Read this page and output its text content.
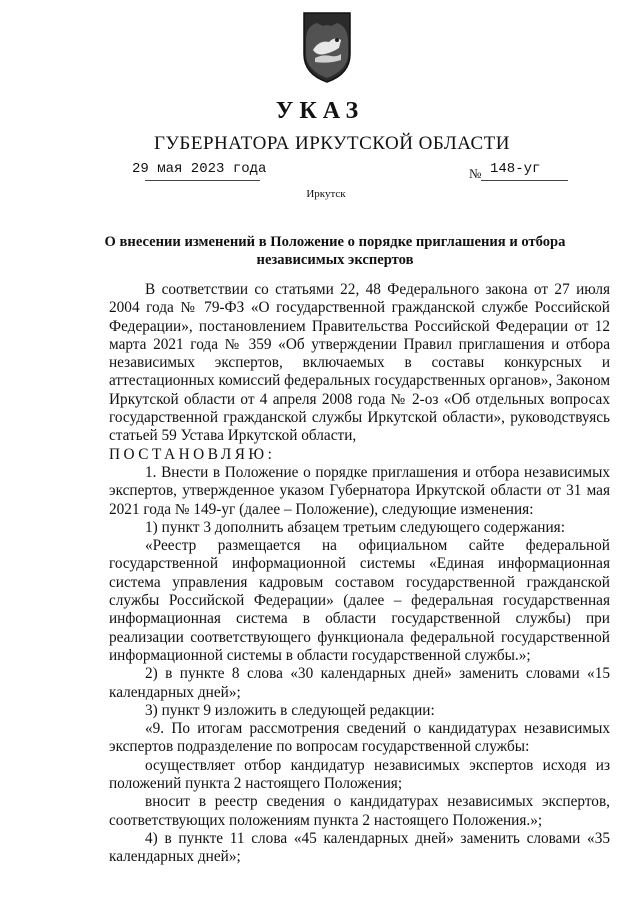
УКАЗ
ГУБЕРНАТОРА ИРКУТСКОЙ ОБЛАСТИ
29 мая 2023 года	№ 148-уг
Иркутск
О внесении изменений в Положение о порядке приглашения и отбора независимых экспертов

В соответствии со статьями 22, 48 Федерального закона от 27 июля 2004 года № 79-ФЗ «О государственной гражданской службе Российской Федерации», постановлением Правительства Российской Федерации от 12 марта 2021 года № 359 «Об утверждении Правил приглашения и отбора независимых экспертов, включаемых в составы конкурсных и аттестационных комиссий федеральных государственных органов», Законом Иркутской области от 4 апреля 2008 года № 2-оз «Об отдельных вопросах государственной гражданской службы Иркутской области», руководствуясь статьей 59 Устава Иркутской области,

ПОСТАНОВЛЯЮ:

1. Внести в Положение о порядке приглашения и отбора независимых экспертов, утвержденное указом Губернатора Иркутской области от 31 мая 2021 года № 149-уг (далее – Положение), следующие изменения:

1) пункт 3 дополнить абзацем третьим следующего содержания:

«Реестр размещается на официальном сайте федеральной государственной информационной системы «Единая информационная система управления кадровым составом государственной гражданской службы Российской Федерации» (далее – федеральная государственная информационная система в области государственной службы) при реализации соответствующего функционала федеральной государственной информационной системы в области государственной службы.»;

2) в пункте 8 слова «30 календарных дней» заменить словами «15 календарных дней»;

3) пункт 9 изложить в следующей редакции:

«9. По итогам рассмотрения сведений о кандидатурах независимых экспертов подразделение по вопросам государственной службы:

осуществляет отбор кандидатур независимых экспертов исходя из положений пункта 2 настоящего Положения;

вносит в реестр сведения о кандидатурах независимых экспертов, соответствующих положениям пункта 2 настоящего Положения.»;

4) в пункте 11 слова «45 календарных дней» заменить словами «35 календарных дней»;
